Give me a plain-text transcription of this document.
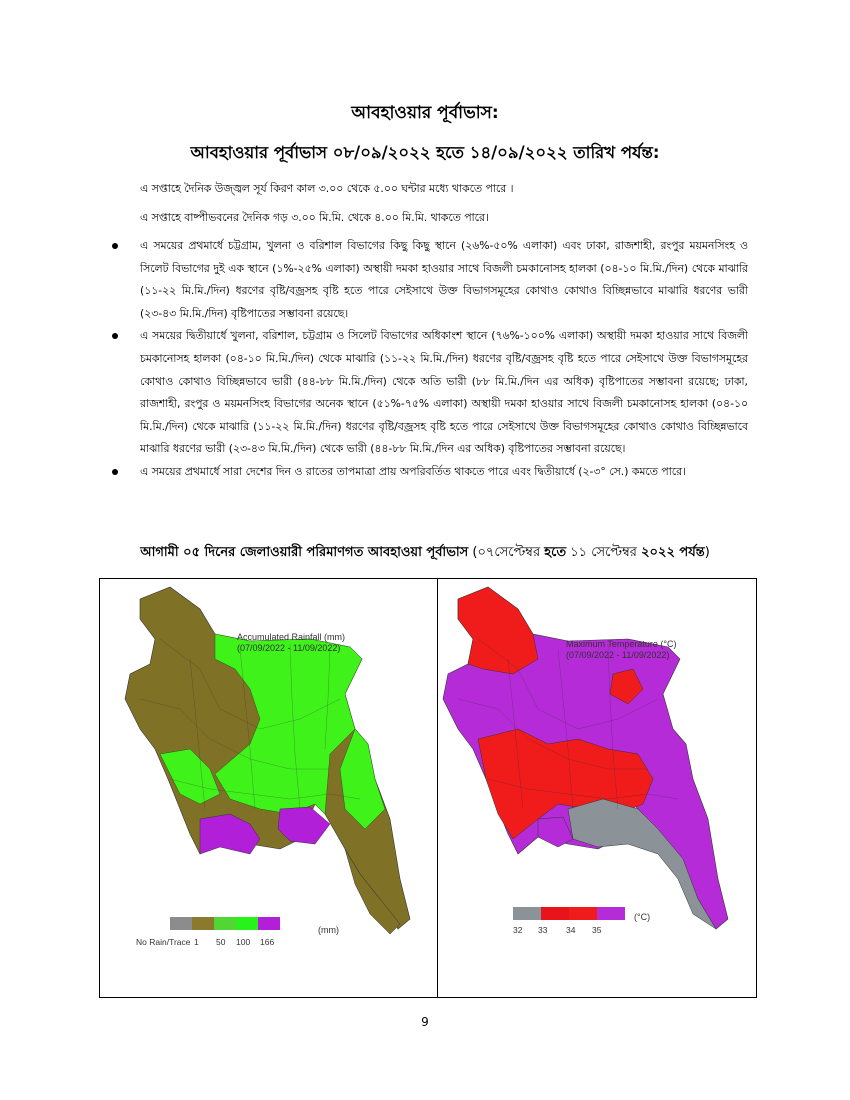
আবহাওয়ার পূর্বাভাস:
আবহাওয়ার পূর্বাভাস ০৮/০৯/২০২২ হতে ১৪/০৯/২০২২ তারিখ পর্যন্ত:
এ সপ্তাহে দৈনিক উজ্জ্বল সূর্য কিরণ কাল ৩.০০ থেকে ৫.০০ ঘন্টার মধ্যে থাকতে পারে ।
এ সপ্তাহে বাষ্পীভবনের দৈনিক গড় ৩.০০ মি.মি. থেকে ৪.০০ মি.মি. থাকতে পারে।
এ সময়ের প্রথমার্ধে চট্টগ্রাম, খুলনা ও বরিশাল বিভাগের কিছু কিছু স্থানে (২৬%-৫০% এলাকা) এবং ঢাকা, রাজশাহী, রংপুর ময়মনসিংহ ও সিলেট বিভাগের দুই এক স্থানে (১%-২৫% এলাকা) অস্থায়ী দমকা হাওয়ার সাথে বিজলী চমকানোসহ হালকা (০৪-১০ মি.মি./দিন) থেকে মাঝারি (১১-২২ মি.মি./দিন) ধরণের বৃষ্টি/বজ্রসহ বৃষ্টি হতে পারে সেইসাথে উক্ত বিভাগসমূহের কোথাও কোথাও বিচ্ছিন্নভাবে মাঝারি ধরণের ভারী (২৩-৪৩ মি.মি./দিন) বৃষ্টিপাতের সম্ভাবনা রয়েছে।
এ সময়ের দ্বিতীয়ার্ধে খুলনা, বরিশাল, চট্টগ্রাম ও সিলেট বিভাগের অধিকাংশ স্থানে (৭৬%-১০০% এলাকা) অস্থায়ী দমকা হাওয়ার সাথে বিজলী চমকানোসহ হালকা (০৪-১০ মি.মি./দিন) থেকে মাঝারি (১১-২২ মি.মি./দিন) ধরণের বৃষ্টি/বজ্রসহ বৃষ্টি হতে পারে সেইসাথে উক্ত বিভাগসমূহের কোথাও কোথাও বিচ্ছিন্নভাবে ভারী (৪৪-৮৮ মি.মি./দিন) থেকে অতি ভারী (৮৮ মি.মি./দিন এর অধিক) বৃষ্টিপাতের সম্ভাবনা রয়েছে; ঢাকা, রাজশাহী, রংপুর ও ময়মনসিংহ বিভাগের অনেক স্থানে (৫১%-৭৫% এলাকা) অস্থায়ী দমকা হাওয়ার সাথে বিজলী চমকানোসহ হালকা (০৪-১০ মি.মি./দিন) থেকে মাঝারি (১১-২২ মি.মি./দিন) ধরণের বৃষ্টি/বজ্রসহ বৃষ্টি হতে পারে সেইসাথে উক্ত বিভাগসমূহের কোথাও কোথাও বিচ্ছিন্নভাবে মাঝারি ধরণের ভারী (২৩-৪৩ মি.মি./দিন) থেকে ভারী (৪৪-৮৮ মি.মি./দিন এর অধিক) বৃষ্টিপাতের সম্ভাবনা রয়েছে।
এ সময়ের প্রথমার্ধে সারা দেশের দিন ও রাতের তাপমাত্রা প্রায় অপরিবর্তিত থাকতে পারে এবং দ্বিতীয়ার্ধে (২-৩° সে.) কমতে পারে।
আগামী ০৫ দিনের জেলাওয়ারী পরিমাণগত আবহাওয়া পূর্বাভাস (০৭সেপ্টেম্বর হতে ১১ সেপ্টেম্বর ২০২২ পর্যন্ত)
Accumulated Rainfall (mm)
(07/09/2022 - 11/09/2022)
No Rain/Trace 1 50 100 166
(mm)
Maximum Temperature (°C)
(07/09/2022 - 11/09/2022)
32 33 34 35
(°C)
9
